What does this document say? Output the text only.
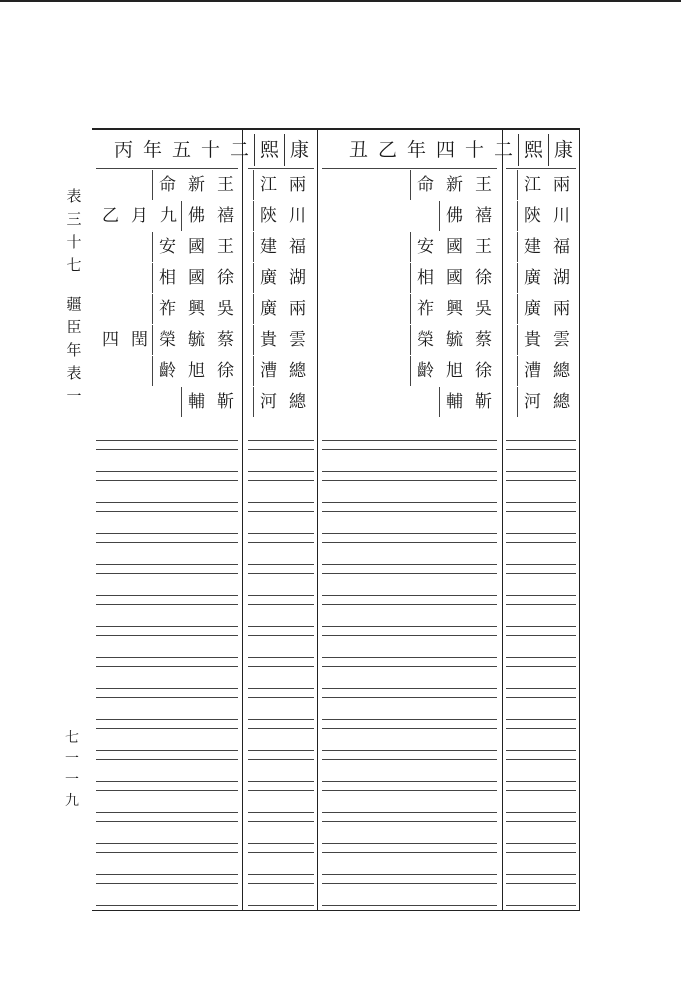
表
三
十
七
疆
臣
年
表
一
七
一
一
九
丙 年 五 十 二 熙 康	丑 乙 年 四 十 二 熙 康
江 兩
命 新 王
陝 川
佛 禧
乙 月 九
建 福
安 國 王
廣 湖
相 國 徐
廣 兩
祚 興 吳
貴 雲
榮 毓 蔡
四 閏
漕 總
齡 旭 徐
河 總
輔 靳
江 兩
命 新 王
陝 川
佛 禧
建 福
安 國 王
廣 湖
相 國 徐
廣 兩
祚 興 吳
貴 雲
榮 毓 蔡
漕 總
齡 旭 徐
河 總
輔 靳
